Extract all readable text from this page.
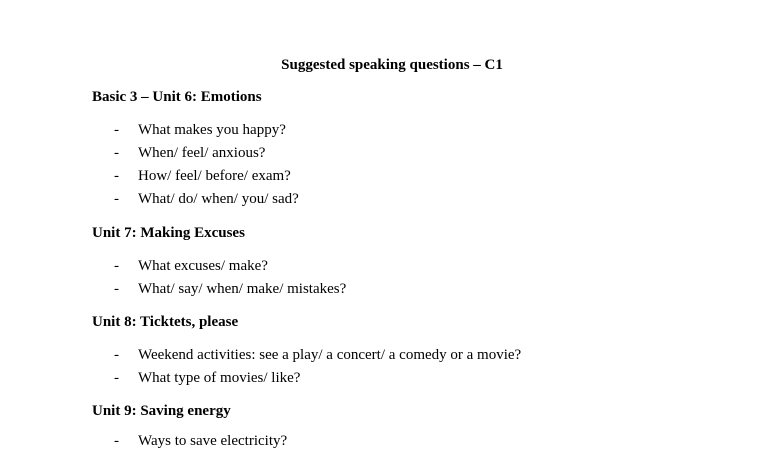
Suggested speaking questions – C1
Basic 3 – Unit 6: Emotions
- What makes you happy?
- When/ feel/ anxious?
- How/ feel/ before/ exam?
- What/ do/ when/ you/ sad?
Unit 7: Making Excuses
- What excuses/ make?
- What/ say/ when/ make/ mistakes?
Unit 8: Ticktets, please
- Weekend activities: see a play/ a concert/ a comedy or a movie?
- What type of movies/ like?
Unit 9: Saving energy
- Ways to save electricity?
